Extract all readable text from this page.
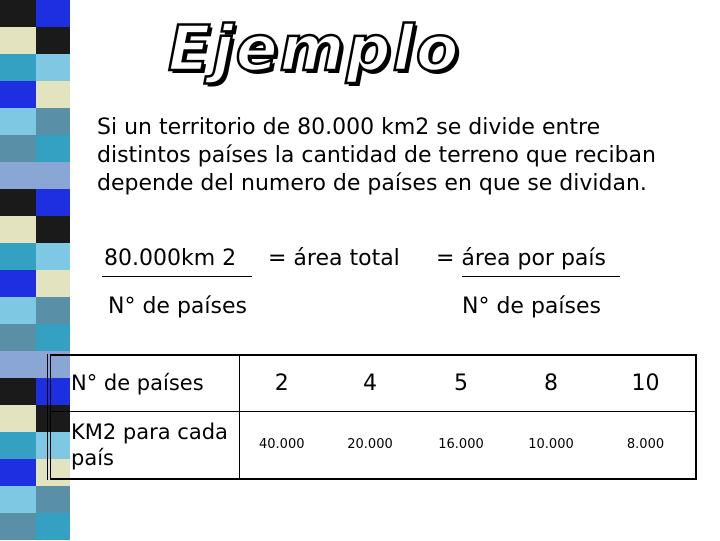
Ejemplo
Si un territorio de 80.000 km2 se divide entre distintos países la cantidad de terreno que reciban depende del numero de países en que se dividan.
80.000km 2 = área total = área por país
N° de países	N° de países
N° de países	2	4	5	8	10
KM2 para cada país	40.000	20.000	16.000	10.000	8.000
